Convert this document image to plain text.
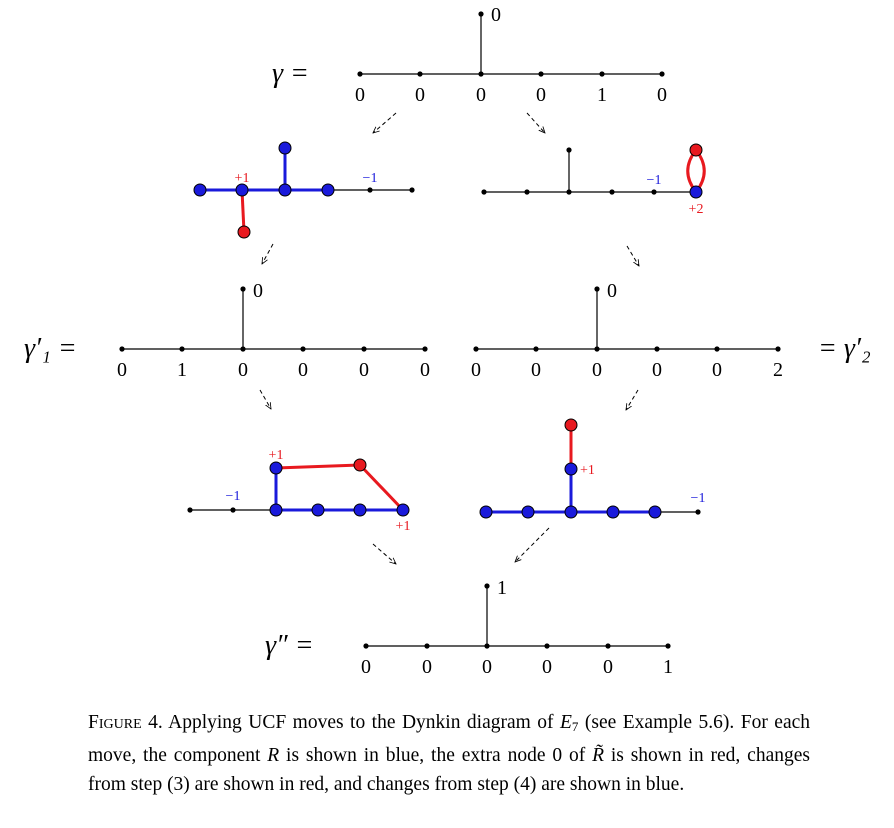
γ =
0
0	0	0	0	1	0
+1	−1	−1
+2
γ′₁ =
0
0	1	0	0	0	0
0
0	0	0	0	0	2
= γ′₂
+1
+1
−1
+1
−1
γ″ =
1
0	0	0	0	0	1
Figure 4. Applying UCF moves to the Dynkin diagram of $E_7$ (see Example 5.6). For each move, the component R is shown in blue, the extra node 0 of R̃ is shown in red, changes from step (3) are shown in red, and changes from step (4) are shown in blue.
